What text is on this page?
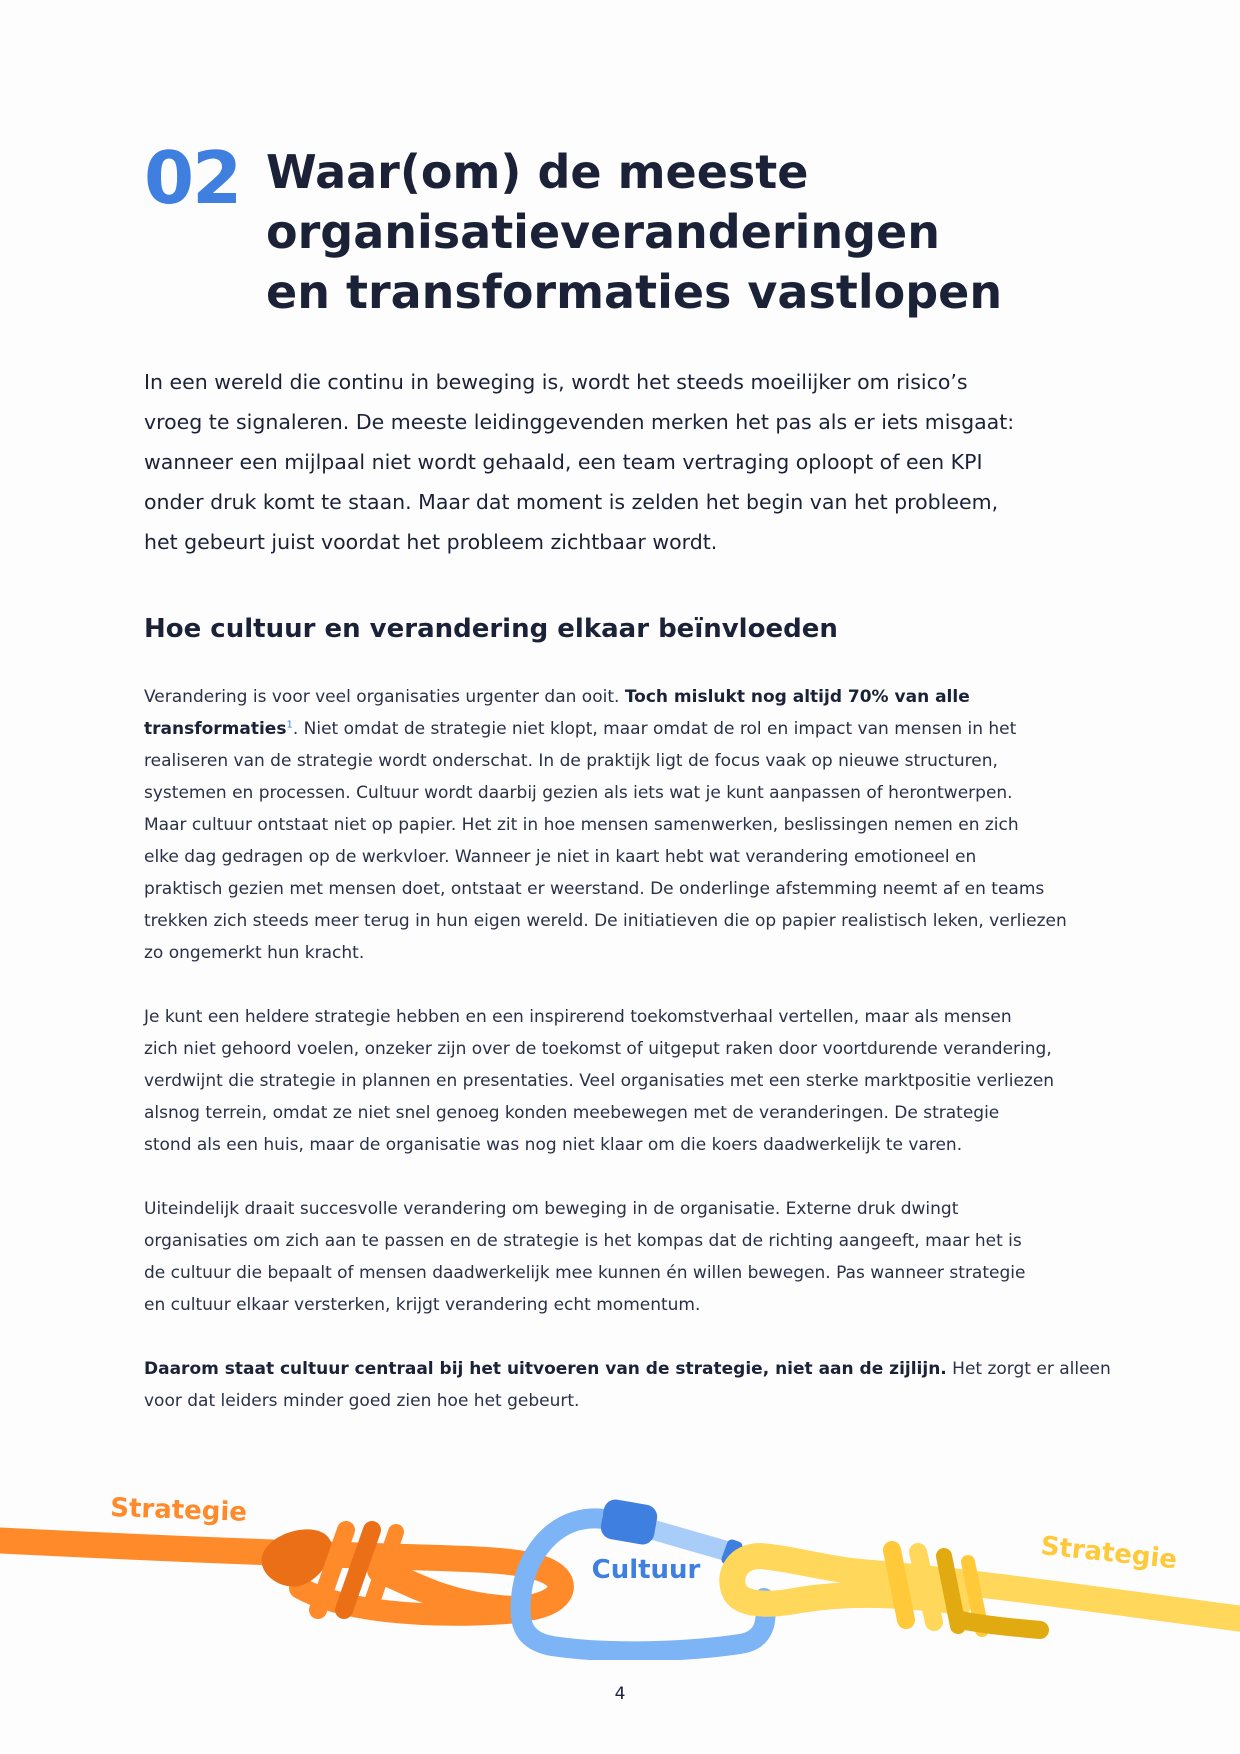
02 Waar(om) de meeste
organisatieveranderingen
en transformaties vastlopen

In een wereld die continu in beweging is, wordt het steeds moeilijker om risico’s
vroeg te signaleren. De meeste leidinggevenden merken het pas als er iets misgaat:
wanneer een mijlpaal niet wordt gehaald, een team vertraging oploopt of een KPI
onder druk komt te staan. Maar dat moment is zelden het begin van het probleem,
het gebeurt juist voordat het probleem zichtbaar wordt.

Hoe cultuur en verandering elkaar beïnvloeden

Verandering is voor veel organisaties urgenter dan ooit. Toch mislukt nog altijd 70% van alle
transformaties$^1$. Niet omdat de strategie niet klopt, maar omdat de rol en impact van mensen in het
realiseren van de strategie wordt onderschat. In de praktijk ligt de focus vaak op nieuwe structuren,
systemen en processen. Cultuur wordt daarbij gezien als iets wat je kunt aanpassen of herontwerpen.
Maar cultuur ontstaat niet op papier. Het zit in hoe mensen samenwerken, beslissingen nemen en zich
elke dag gedragen op de werkvloer. Wanneer je niet in kaart hebt wat verandering emotioneel en
praktisch gezien met mensen doet, ontstaat er weerstand. De onderlinge afstemming neemt af en teams
trekken zich steeds meer terug in hun eigen wereld. De initiatieven die op papier realistisch leken, verliezen
zo ongemerkt hun kracht.

Je kunt een heldere strategie hebben en een inspirerend toekomstverhaal vertellen, maar als mensen
zich niet gehoord voelen, onzeker zijn over de toekomst of uitgeput raken door voortdurende verandering,
verdwijnt die strategie in plannen en presentaties. Veel organisaties met een sterke marktpositie verliezen
alsnog terrein, omdat ze niet snel genoeg konden meebewegen met de veranderingen. De strategie
stond als een huis, maar de organisatie was nog niet klaar om die koers daadwerkelijk te varen.

Uiteindelijk draait succesvolle verandering om beweging in de organisatie. Externe druk dwingt
organisaties om zich aan te passen en de strategie is het kompas dat de richting aangeeft, maar het is
de cultuur die bepaalt of mensen daadwerkelijk mee kunnen én willen bewegen. Pas wanneer strategie
en cultuur elkaar versterken, krijgt verandering echt momentum.

Daarom staat cultuur centraal bij het uitvoeren van de strategie, niet aan de zijlijn. Het zorgt er alleen
voor dat leiders minder goed zien hoe het gebeurt.

Cultuur
Strategie
Strategie
4
